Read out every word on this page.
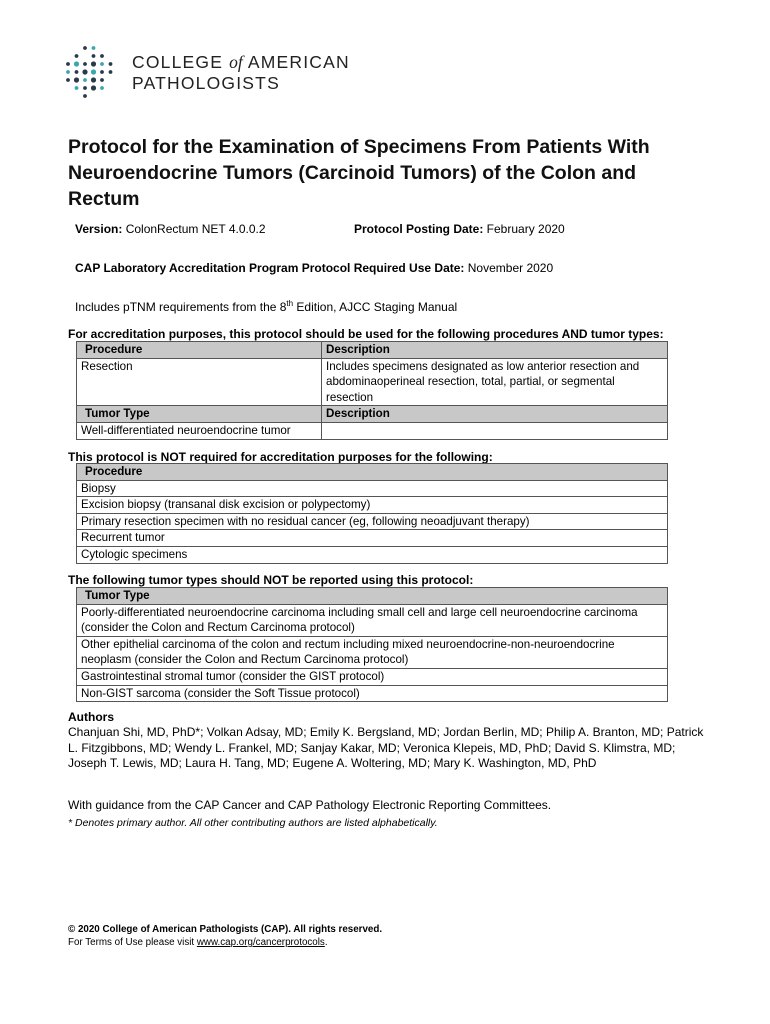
COLLEGE of AMERICAN
PATHOLOGISTS
Protocol for the Examination of Specimens From Patients With Neuroendocrine Tumors (Carcinoid Tumors) of the Colon and Rectum
Version: ColonRectum NET 4.0.0.2	Protocol Posting Date: February 2020
CAP Laboratory Accreditation Program Protocol Required Use Date: November 2020
Includes pTNM requirements from the 8th Edition, AJCC Staging Manual
For accreditation purposes, this protocol should be used for the following procedures AND tumor types:
Procedure	Description
Resection	Includes specimens designated as low anterior resection and abdominaoperineal resection, total, partial, or segmental resection
Tumor Type	Description
Well-differentiated neuroendocrine tumor	
This protocol is NOT required for accreditation purposes for the following:
Procedure
Biopsy
Excision biopsy (transanal disk excision or polypectomy)
Primary resection specimen with no residual cancer (eg, following neoadjuvant therapy)
Recurrent tumor
Cytologic specimens
The following tumor types should NOT be reported using this protocol:
Tumor Type
Poorly-differentiated neuroendocrine carcinoma including small cell and large cell neuroendocrine carcinoma (consider the Colon and Rectum Carcinoma protocol)
Other epithelial carcinoma of the colon and rectum including mixed neuroendocrine-non-neuroendocrine neoplasm (consider the Colon and Rectum Carcinoma protocol)
Gastrointestinal stromal tumor (consider the GIST protocol)
Non-GIST sarcoma (consider the Soft Tissue protocol)
Authors
Chanjuan Shi, MD, PhD*; Volkan Adsay, MD; Emily K. Bergsland, MD; Jordan Berlin, MD; Philip A. Branton, MD; Patrick L. Fitzgibbons, MD; Wendy L. Frankel, MD; Sanjay Kakar, MD; Veronica Klepeis, MD, PhD; David S. Klimstra, MD; Joseph T. Lewis, MD; Laura H. Tang, MD; Eugene A. Woltering, MD; Mary K. Washington, MD, PhD
With guidance from the CAP Cancer and CAP Pathology Electronic Reporting Committees.
* Denotes primary author. All other contributing authors are listed alphabetically.
© 2020 College of American Pathologists (CAP). All rights reserved.
For Terms of Use please visit www.cap.org/cancerprotocols.
